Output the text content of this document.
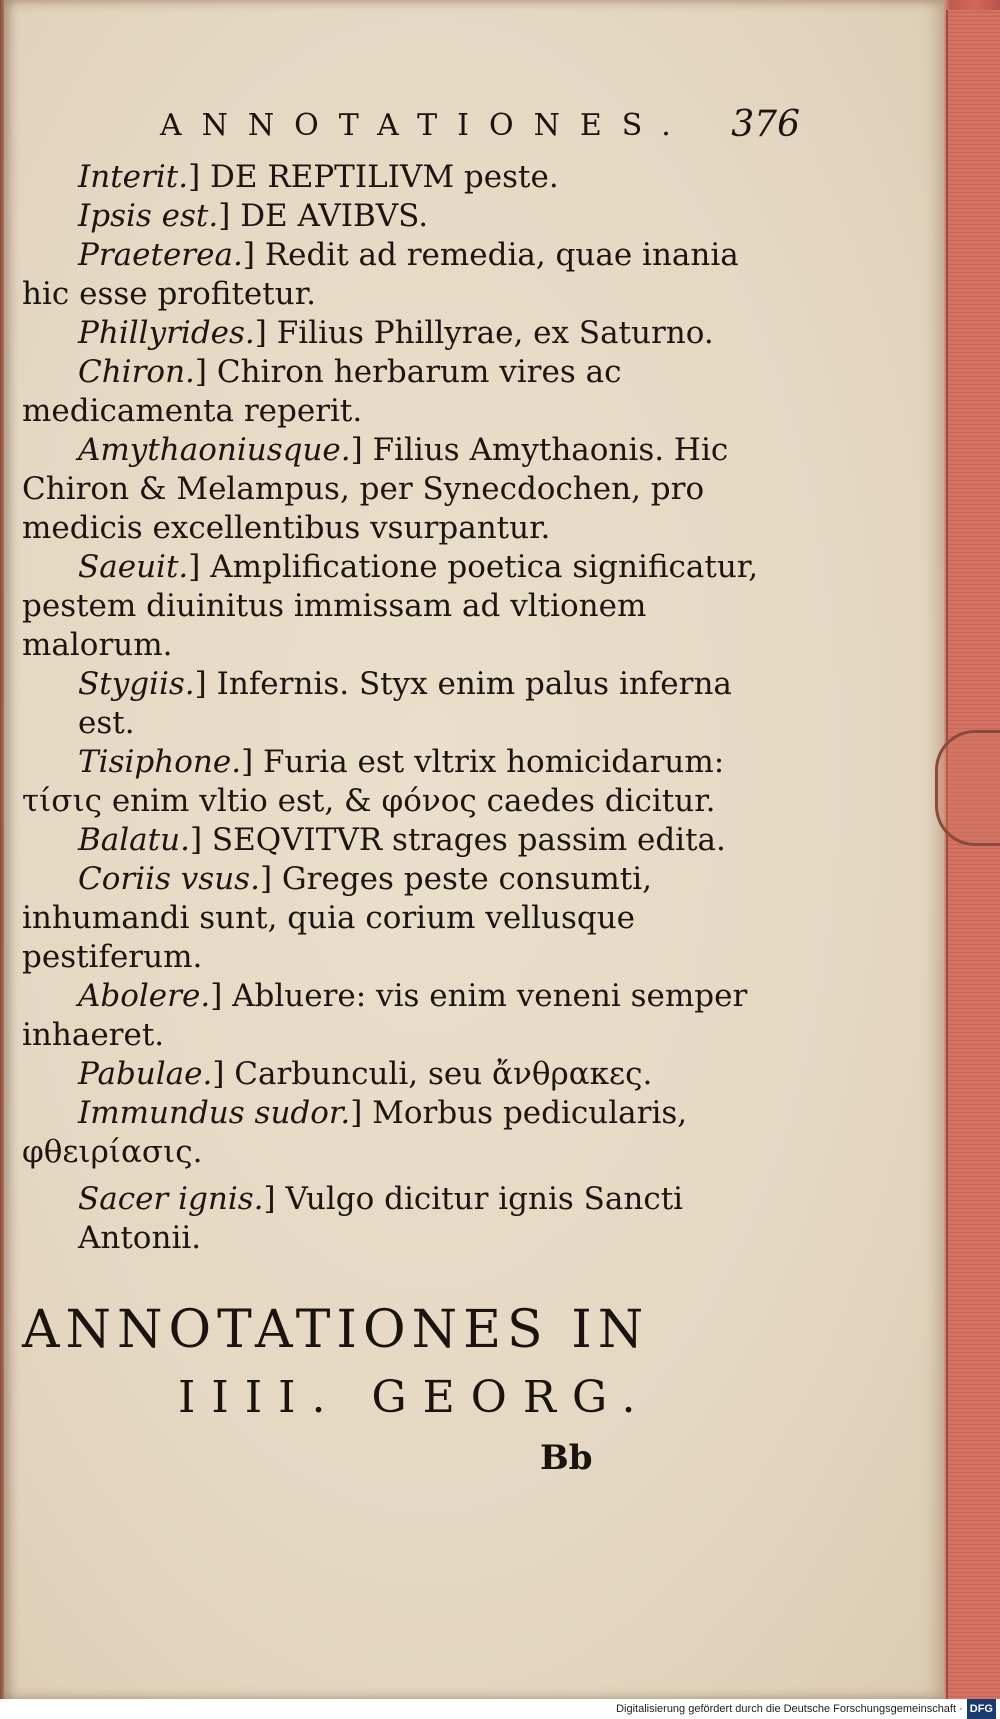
ANNOTATIONES. 376

Interit.] DE REPTILIVM peste.

Ipsis est.] DE AVIBVS.

Praeterea.] Redit ad remedia, quae inania hic esse profitetur.

Phillyrides.] Filius Phillyrae, ex Saturno.

Chiron.] Chiron herbarum vires ac medicamenta reperit.

Amythaoniusque.] Filius Amythaonis. Hic Chiron & Melampus, per Synecdochen, pro medicis excellentibus vsurpantur.

Saeuit.] Amplificatione poetica significatur, pestem diuinitus immissam ad vltionem malorum.

Stygiis.] Infernis. Styx enim palus inferna est.

Tisiphone.] Furia est vltrix homicidarum: τίσις enim vltio est, & φόνος caedes dicitur.

Balatu.] SEQVITVR strages passim edita.

Coriis vsus.] Greges peste consumti, inhumandi sunt, quia corium vellusque pestiferum.

Abolere.] Abluere: vis enim veneni semper inhaeret.

Pabulae.] Carbunculi, seu ἄνθρακες.

Immundus sudor.] Morbus pedicularis, φθειρίασις.

Sacer ignis.] Vulgo dicitur ignis Sancti Antonii.

ANNOTATIONES IN
IIII. GEORG.
Bb
Digitalisierung gefördert durch die Deutsche Forschungsgemeinschaft · DFG
